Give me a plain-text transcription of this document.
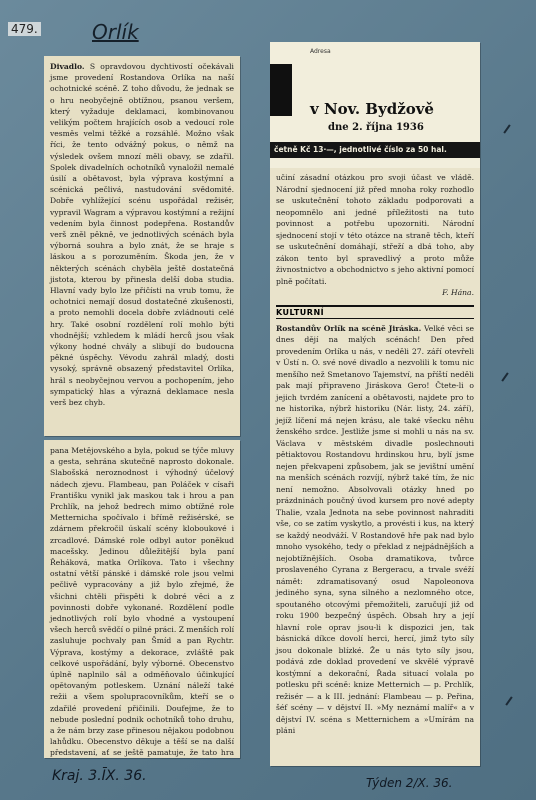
479.	Orlík

Divadlo. S opravdovou dychtivostí očekávali jsme provedení Rostandova Orlíka na naší ochotnické scéně. Z toho důvodu, že jednak se o hru neobyčejně obtížnou, psanou veršem, který vyžaduje deklamaci, kombinovanou velikým počtem hrajících osob a vedoucí role vesměs velmi těžké a rozsáhlé. Možno však říci, že tento odvážný pokus, o němž na výsledek ovšem mnozí měli obavy, se zdařil. Spolek divadelních ochotníků vynaložil nemalé úsilí a obětavost, byla výprava kostýmní a scénická pečlivá, nastudování svědomité. Dobře vyhlížející scénu uspořádal režisér, vypravil Wagram a výpravou kostýmní a režijní vedením byla činnost podepřena. Rostandův verš zněl pěkně, ve jednotlivých scénách byla výborná souhra a bylo znát, že se hraje s láskou a s porozuměním. Škoda jen, že v některých scénách chyběla ještě dostatečná jistota, kterou by přinesla delší doba studia. Hlavní vady bylo lze přičísti na vrub tomu, že ochotnici nemají dosud dostatečné zkušenosti, a proto nemohli docela dobře zvládnouti celé hry. Také osobní rozdělení rolí mohlo býti vhodnější; vzhledem k mládí herců jsou však výkony hodné chvály a slibují do budoucna pěkné úspěchy. Vévodu zahrál mladý, dosti vysoký, správně obsazený představitel Orlíka, hrál s neobyčejnou vervou a pochopením, jeho sympatický hlas a výrazná deklamace nesla verš bez chyb.

pana Metějovského a byla, pokud se týče mluvy a gesta, sehrána skutečně naprosto dokonale. Slabošská neroznodnost i výhodný účelový nádech zjevu. Flambeau, pan Poláček v císaři Františku vynikl jak maskou tak i hrou a pan Prchlík, na jehož bedrech mimo obtížné role Metternicha spočívalo i břímě režisérské, se zdárnem překročil úskalí scény kloboukové i zrcadlové. Dámské role odbyl autor poněkud macešsky. Jedinou důležitější byla paní Řeháková, matka Orlíkova. Tato i všechny ostatní větší pánské i dámské role jsou velmi pečlivě vypracovány a již bylo zřejmé, že všichni chtěli přispěti k dobré věci a z povinnosti dobře vykonané. Rozdělení podle jednotlivých rolí bylo vhodné a vystoupení všech herců svědčí o pilné práci. Z menších rolí zasluhuje pochvaly pan Šmíd a pan Rychtr. Výprava, kostýmy a dekorace, zvláště pak celkové uspořádání, byly výborné. Obecenstvo úplně naplnilo sál a odměňovalo účinkující opětovaným potleskem. Uznání náleží také režii a všem spolupracovníkům, kteří se o zdařilé provedení přičinili. Doufejme, že to nebude poslední podnik ochotníků toho druhu, a že nám brzy zase přinesou nějakou podobnou lahůdku. Obecenstvo děkuje a těší se na další představení, ať se ještě pamatuje, že tato hra

Adresa
v Nov. Bydžově
dne 2. října 1936
četně Kč 13·—, jednotlivé číslo za 50 hal.

učiní zásadní otázkou pro svoji účast ve vládě. Národní sjednocení již před mnoha roky rozhodlo se uskutečnění tohoto základu podporovati a neopomnělo ani jedné příležitosti na tuto povinnost a potřebu upozorniti. Národní sjednocení stojí v této otázce na straně těch, kteří se uskutečnění domáhají, střeží a dbá toho, aby zákon tento byl spravedlivý a proto může živnostnictvo a obchodnictvo s jeho aktivní pomocí plně počítati.

F. Hána.

KULTURNÍ

Rostandův Orlík na scéně Jiráska. Velké věci se dnes dějí na malých scénách! Den před provedením Orlíka u nás, v neděli 27. září otevřeli v Ústí n. O. své nové divadlo a nezvolili k tomu nic menšího než Smetanovo Tajemství, na příští neděli pak mají připraveno Jiráskova Gero! Čtete-li o jejich tvrdém zanícení a obětavosti, najdete pro to ne historika, nýbrž historiku (Nár. listy, 24. září), jejíž líčení má nejen krásu, ale také všecku něhu ženského srdce. Jestliže jsme si mohli u nás na sv. Václava v městském divadle poslechnouti pětiaktovou Rostandovu hrdinskou hru, bylí jsme nejen překvapeni způsobem, jak se jevištní umění na menších scénách rozvíjí, nýbrž také tím, že nic není nemožno. Absolvovali otázky hned po prázdninách poučný úvod kursem pro nové adepty Thalie, vzala Jednota na sebe povinnost nahraditi vše, co se zatím vyskytlo, a provésti i kus, na který se každý neodváží. V Rostandově hře pak nad bylo mnoho vysokého, tedy o překlad z nejpádnějších a nejobtížnějších. Osoba dramatikova, tvůrce proslaveného Cyrana z Bergeracu, a trvale svéží námět: zdramatisovaný osud Napoleonova jediného syna, syna silného a nezlomného otce, spoutaného otcovými přemožiteli, zaručují již od roku 1900 bezpečný úspěch. Obsah hry a její hlavní role oprav jsou-li k dispozici jen, tak básnická díkce dovolí herci, hercí, jimž tyto síly jsou dokonale blízké. Že u nás tyto síly jsou, podává zde doklad provedení ve skvělé výpravě kostýmní a dekorační, Řada situací volala po potlesku při scéně: knize Metternich — p. Prchlík, režisér — a k III. jednání: Flambeau — p. Peřina, šéf scény — v dějství II. »My neznámí malíř« a v dějství IV. scéna s Metternichem a »Umírám na pláni

Kraj. 3.ĪX. 36.	Týden 2/X. 36.
